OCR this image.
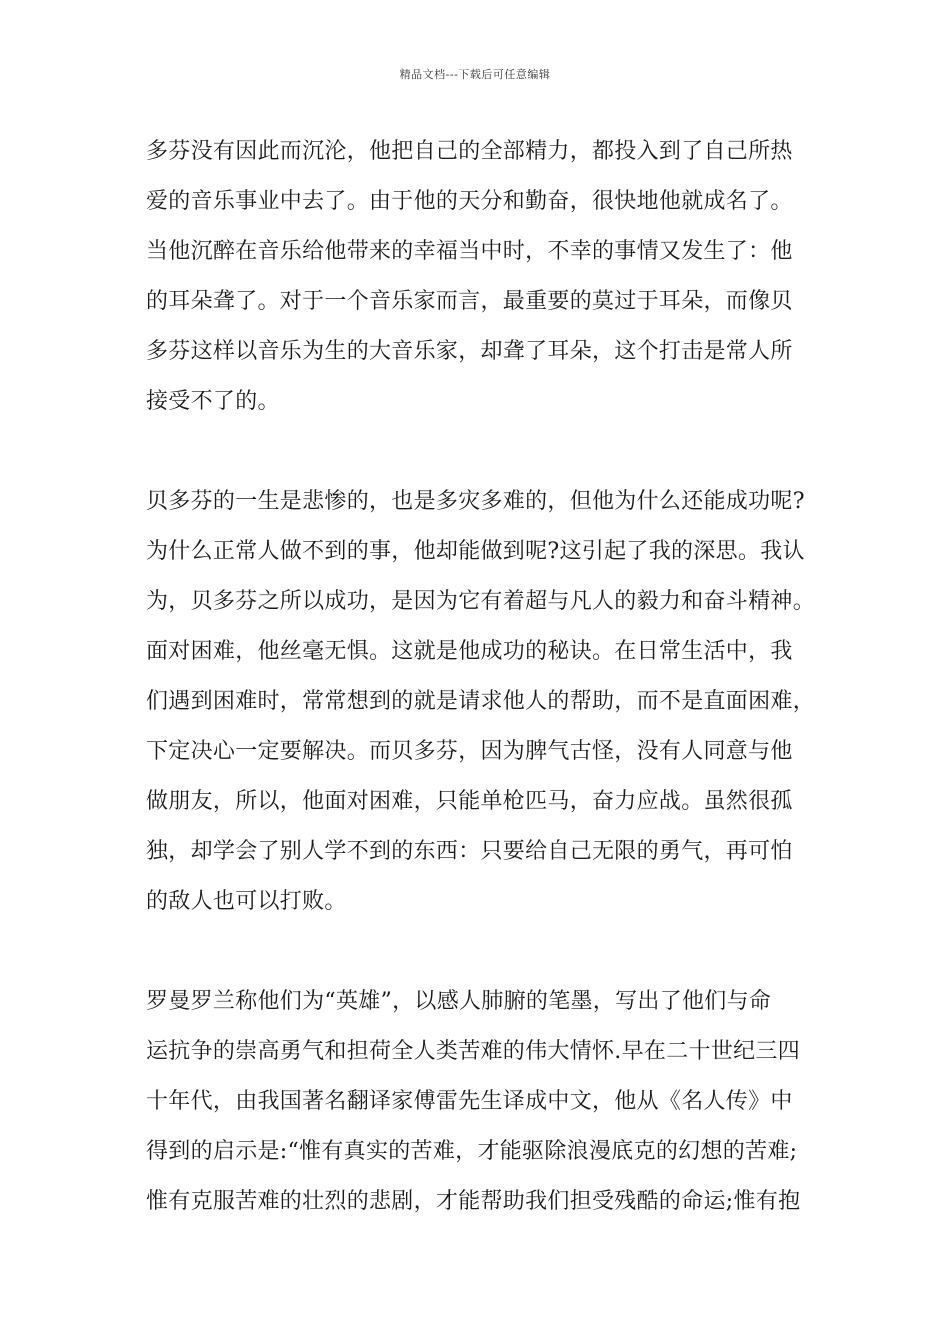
精品文档---下载后可任意编辑
多芬没有因此而沉沦，他把自己的全部精力，都投入到了自己所热
爱的音乐事业中去了。由于他的天分和勤奋，很快地他就成名了。
当他沉醉在音乐给他带来的幸福当中时，不幸的事情又发生了：他
的耳朵聋了。对于一个音乐家而言，最重要的莫过于耳朵，而像贝
多芬这样以音乐为生的大音乐家，却聋了耳朵，这个打击是常人所
接受不了的。
贝多芬的一生是悲惨的，也是多灾多难的，但他为什么还能成功呢?
为什么正常人做不到的事，他却能做到呢?这引起了我的深思。我认
为，贝多芬之所以成功，是因为它有着超与凡人的毅力和奋斗精神。
面对困难，他丝毫无惧。这就是他成功的秘诀。在日常生活中，我
们遇到困难时，常常想到的就是请求他人的帮助，而不是直面困难，
下定决心一定要解决。而贝多芬，因为脾气古怪，没有人同意与他
做朋友，所以，他面对困难，只能单枪匹马，奋力应战。虽然很孤
独，却学会了别人学不到的东西：只要给自己无限的勇气，再可怕
的敌人也可以打败。
罗曼罗兰称他们为“英雄”，以感人肺腑的笔墨，写出了他们与命
运抗争的崇高勇气和担荷全人类苦难的伟大情怀.早在二十世纪三四
十年代，由我国著名翻译家傅雷先生译成中文，他从《名人传》中
得到的启示是:“惟有真实的苦难，才能驱除浪漫底克的幻想的苦难;
惟有克服苦难的壮烈的悲剧，才能帮助我们担受残酷的命运;惟有抱
